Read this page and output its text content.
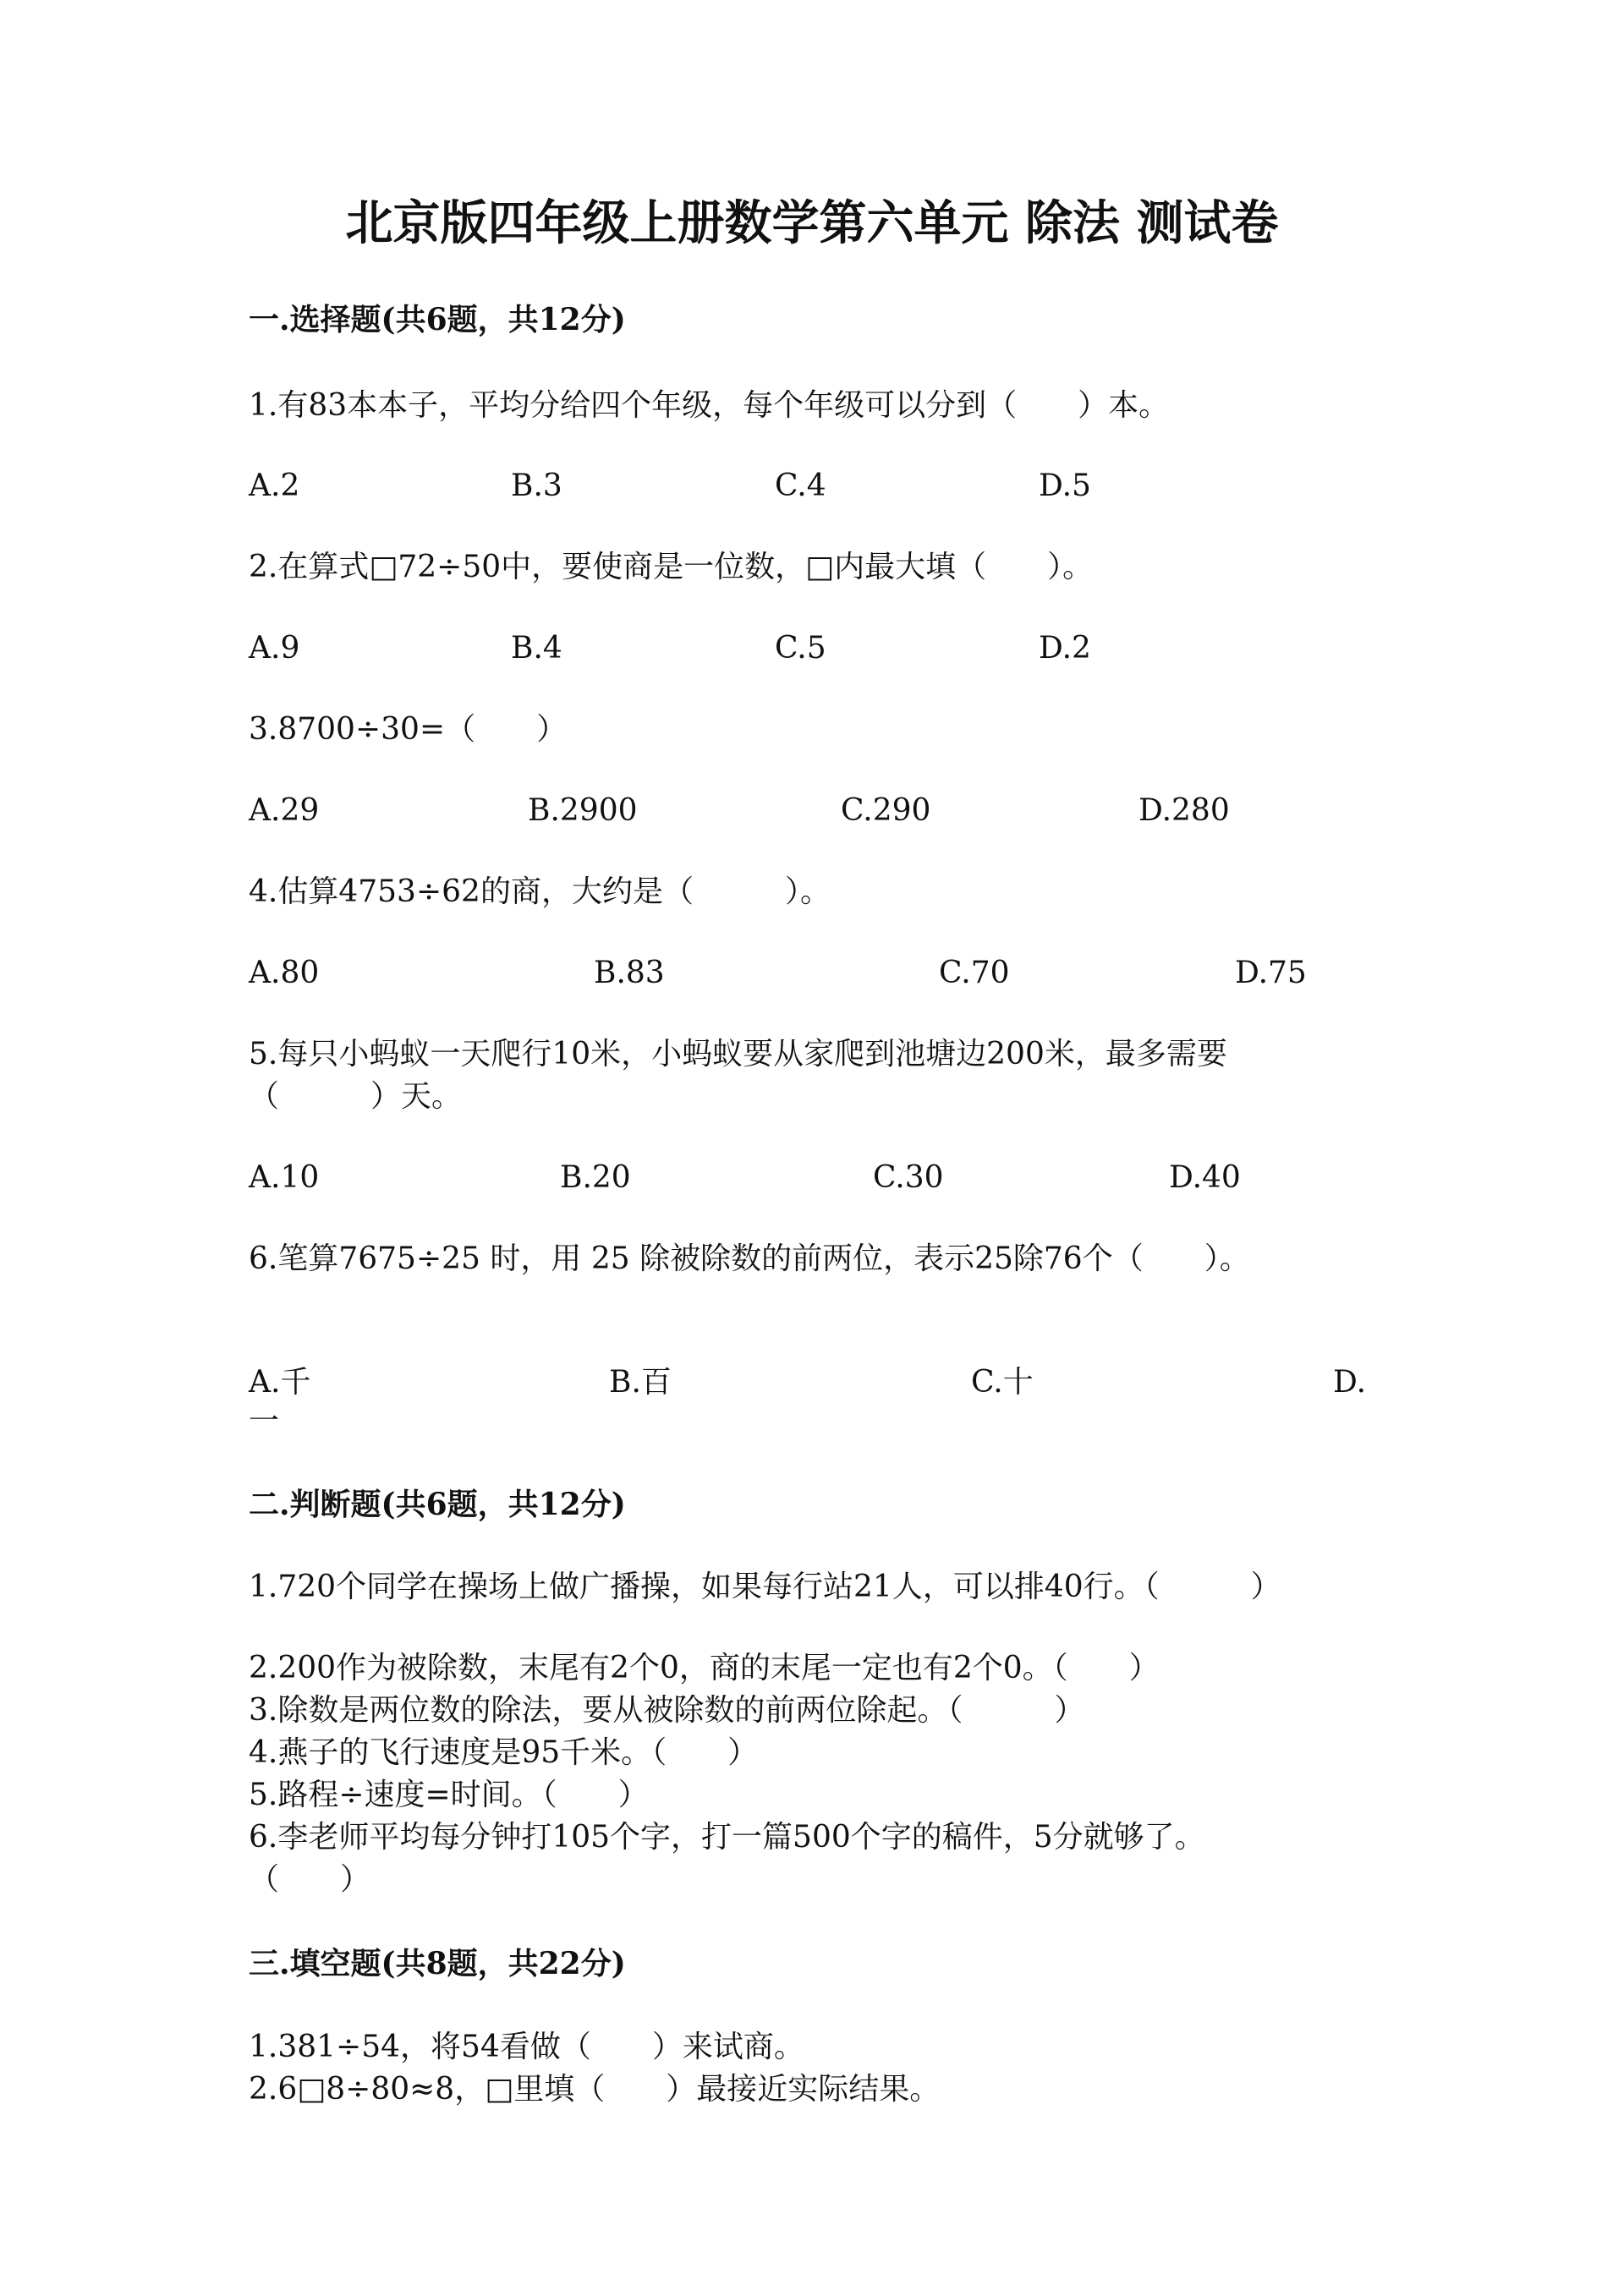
北京版四年级上册数学第六单元 除法 测试卷
一.选择题(共6题，共12分)
1.有83本本子，平均分给四个年级，每个年级可以分到（　　）本。
A.2	B.3	C.4	D.5
2.在算式□72÷50中，要使商是一位数，□内最大填（　　）。
A.9	B.4	C.5	D.2
3.8700÷30=（　　）
A.29	B.2900	C.290	D.280
4.估算4753÷62的商，大约是（　　　）。
A.80	B.83	C.70	D.75
5.每只小蚂蚁一天爬行10米，小蚂蚁要从家爬到池塘边200米，最多需要
（　　　）天。
A.10	B.20	C.30	D.40
6.笔算7675÷25 时，用 25 除被除数的前两位，表示25除76个（　　）。
A.千	B.百	C.十	D.
一
二.判断题(共6题，共12分)
1.720个同学在操场上做广播操，如果每行站21人，可以排40行。（　　　）
2.200作为被除数，末尾有2个0，商的末尾一定也有2个0。（　　）
3.除数是两位数的除法，要从被除数的前两位除起。（　　　）
4.燕子的飞行速度是95千米。（　　）
5.路程÷速度=时间。（　　）
6.李老师平均每分钟打105个字，打一篇500个字的稿件，5分就够了。
（　　）
三.填空题(共8题，共22分)
1.381÷54，将54看做（　　）来试商。
2.6□8÷80≈8，□里填（　　）最接近实际结果。
